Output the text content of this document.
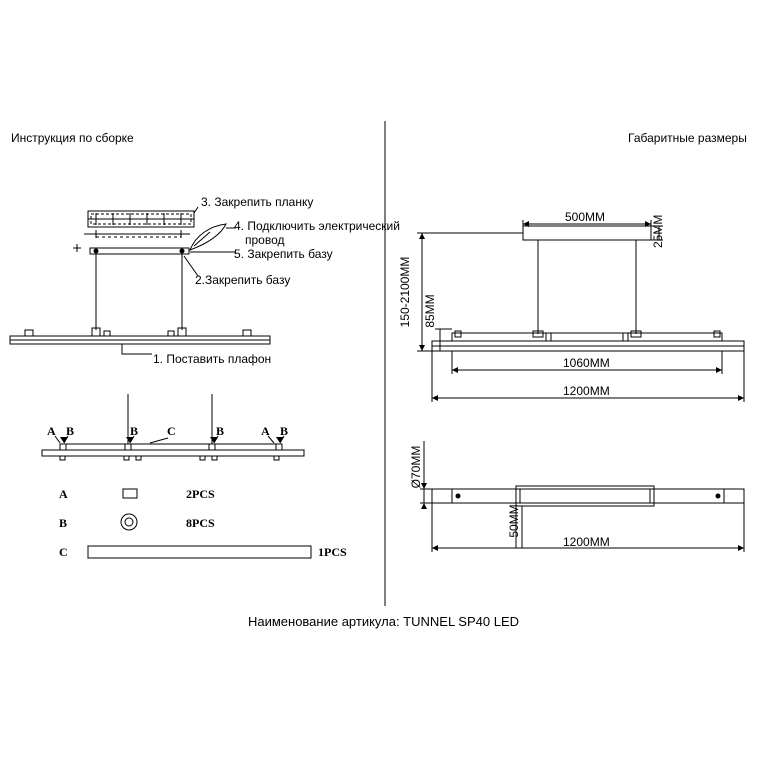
Инструкция по сборке	Габаритные размеры
3. Закрепить планку
4. Подключить электрический
провод
5. Закрепить базу
2.Закрепить базу
1. Поставить плафон
A B	B C	B	A B
A	2PCS
B	8PCS
C	1PCS
500MM
1060MM
1200MM
1200MM
25MM
150-2100MM 85MM
Ø70MM
50MM
Наименование артикула: TUNNEL SP40 LED
